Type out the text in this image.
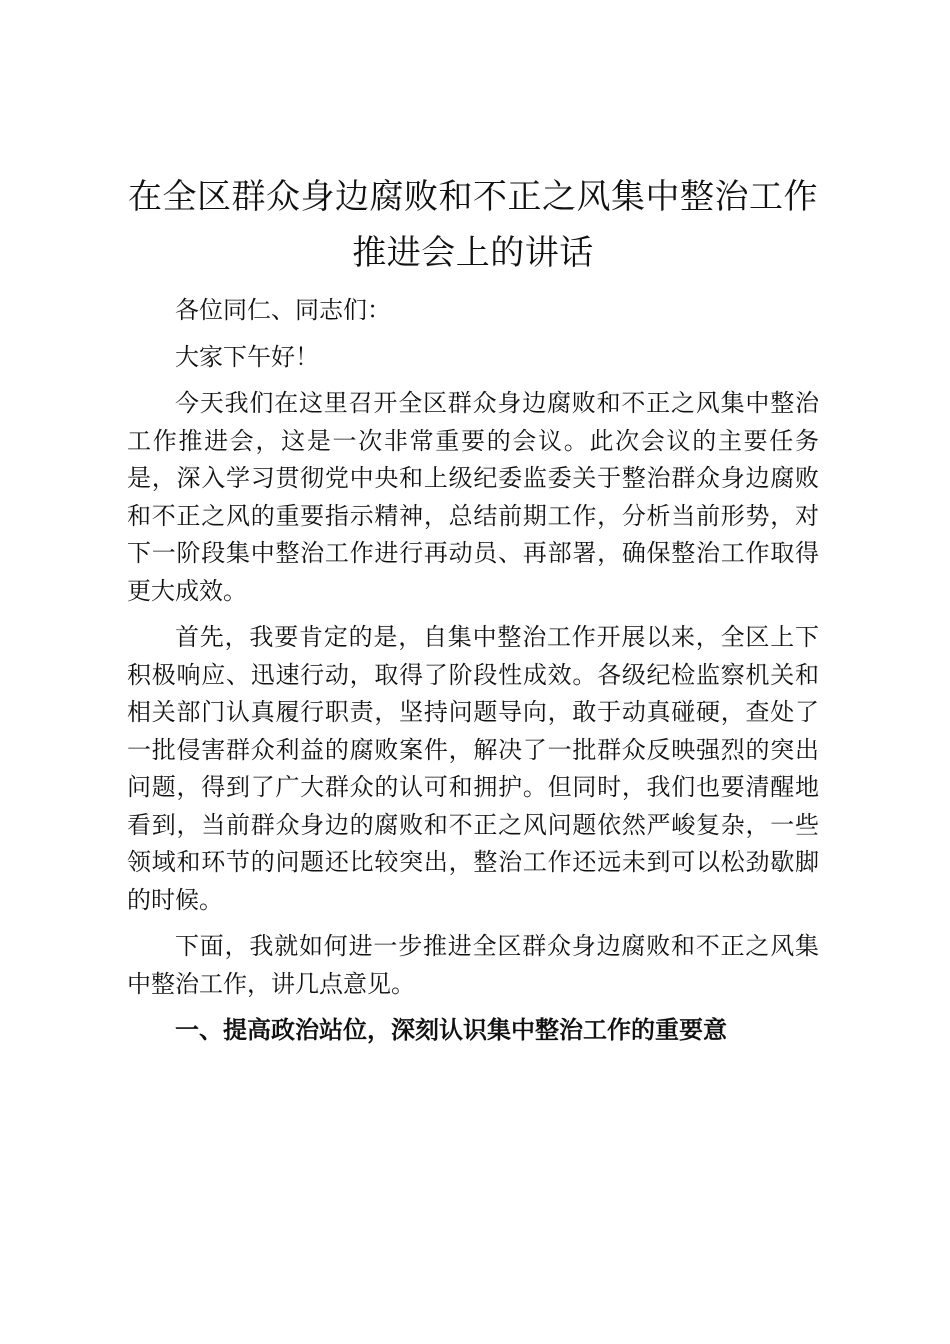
在全区群众身边腐败和不正之风集中整治工作
推进会上的讲话

各位同仁、同志们：

大家下午好！

今天我们在这里召开全区群众身边腐败和不正之风集中整治工作推进会，这是一次非常重要的会议。此次会议的主要任务是，深入学习贯彻党中央和上级纪委监委关于整治群众身边腐败和不正之风的重要指示精神，总结前期工作，分析当前形势，对下一阶段集中整治工作进行再动员、再部署，确保整治工作取得更大成效。

首先，我要肯定的是，自集中整治工作开展以来，全区上下积极响应、迅速行动，取得了阶段性成效。各级纪检监察机关和相关部门认真履行职责，坚持问题导向，敢于动真碰硬，查处了一批侵害群众利益的腐败案件，解决了一批群众反映强烈的突出问题，得到了广大群众的认可和拥护。但同时，我们也要清醒地看到，当前群众身边的腐败和不正之风问题依然严峻复杂，一些领域和环节的问题还比较突出，整治工作还远未到可以松劲歇脚的时候。

下面，我就如何进一步推进全区群众身边腐败和不正之风集中整治工作，讲几点意见。

一、提高政治站位，深刻认识集中整治工作的重要意
